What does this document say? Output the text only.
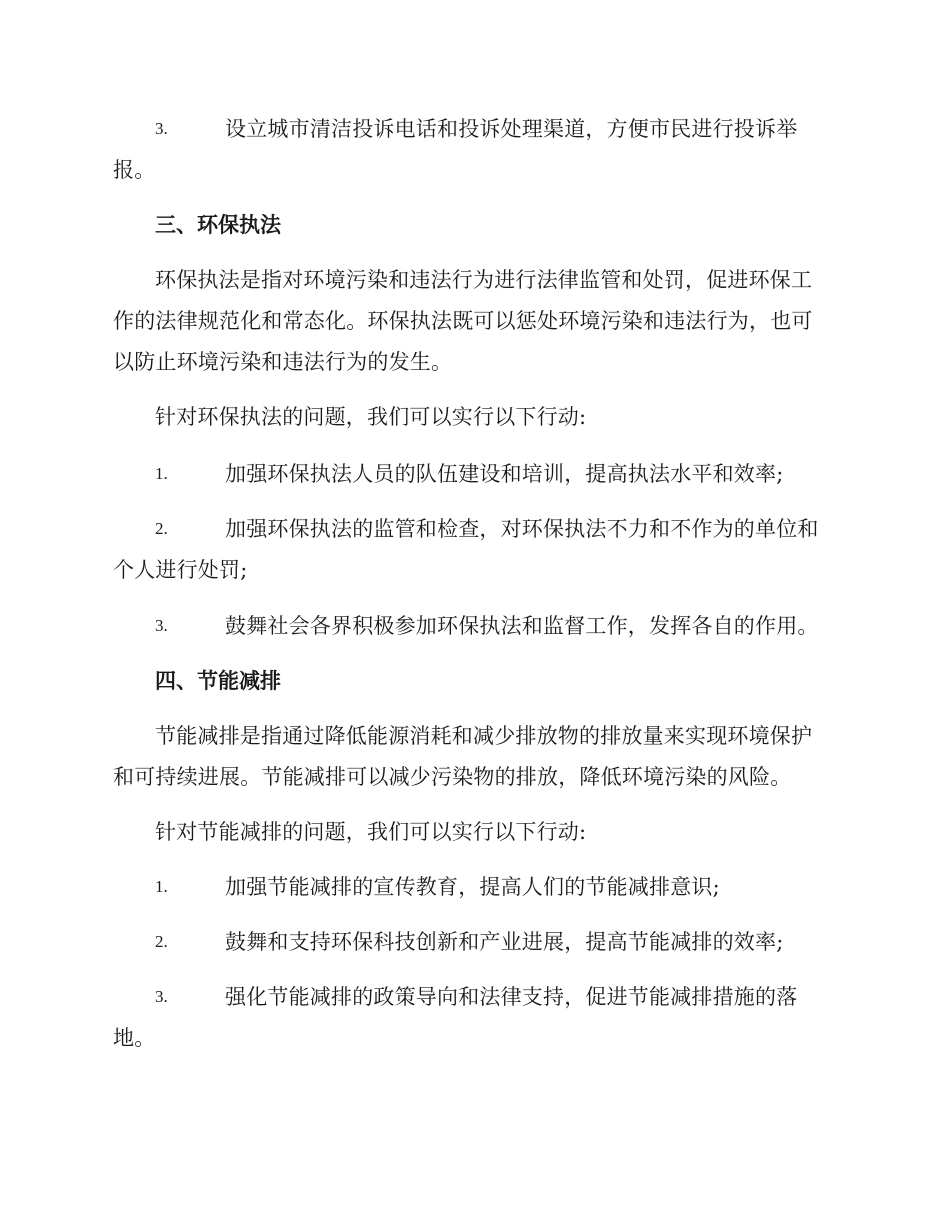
3.	设立城市清洁投诉电话和投诉处理渠道，方便市民进行投诉举
报。
三、环保执法
环保执法是指对环境污染和违法行为进行法律监管和处罚，促进环保工
作的法律规范化和常态化。环保执法既可以惩处环境污染和违法行为，也可
以防止环境污染和违法行为的发生。
针对环保执法的问题，我们可以实行以下行动:
1.	加强环保执法人员的队伍建设和培训，提高执法水平和效率;
2.	加强环保执法的监管和检查，对环保执法不力和不作为的单位和
个人进行处罚;
3.	鼓舞社会各界积极参加环保执法和监督工作，发挥各自的作用。
四、节能减排
节能减排是指通过降低能源消耗和减少排放物的排放量来实现环境保护
和可持续进展。节能减排可以减少污染物的排放，降低环境污染的风险。
针对节能减排的问题，我们可以实行以下行动:
1.	加强节能减排的宣传教育，提高人们的节能减排意识;
2.	鼓舞和支持环保科技创新和产业进展，提高节能减排的效率;
3.	强化节能减排的政策导向和法律支持，促进节能减排措施的落
地。
